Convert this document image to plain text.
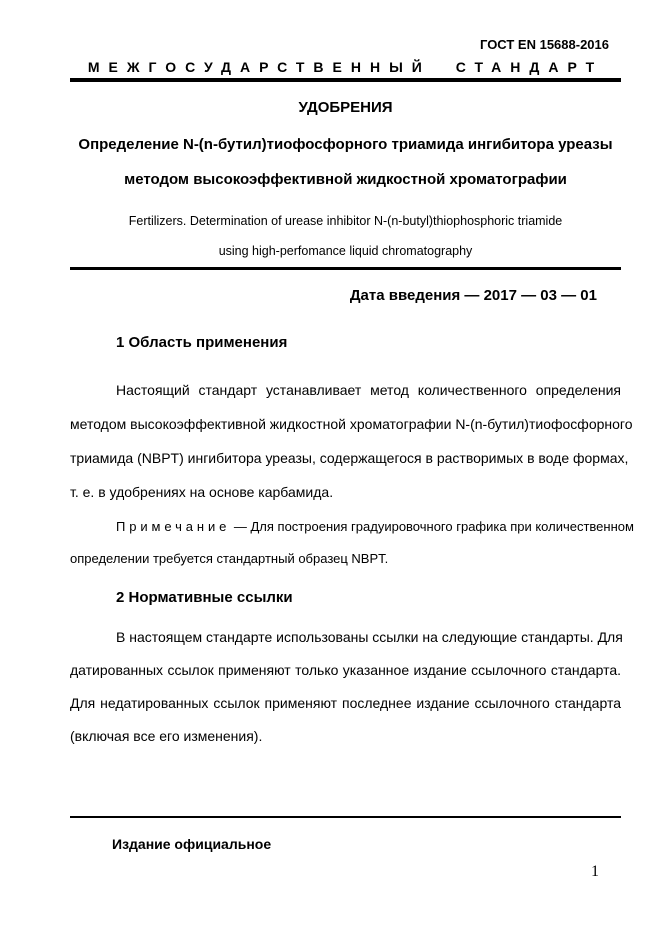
ГОСТ EN 15688-2016
МЕЖГОСУДАРСТВЕННЫЙ СТАНДАРТ
УДОБРЕНИЯ
Определение N-(n-бутил)тиофосфорного триамида ингибитора уреазы
методом высокоэффективной жидкостной хроматографии
Fertilizers. Determination of urease inhibitor N-(n-butyl)thiophosphoric triamide
using high-perfomance liquid chromatography
Дата введения — 2017 — 03 — 01
1 Область применения
Настоящий стандарт устанавливает метод количественного определения
методом высокоэффективной жидкостной хроматографии N-(n-бутил)тиофосфорного
триамида (NBPT) ингибитора уреазы, содержащегося в растворимых в воде формах,
т. е. в удобрениях на основе карбамида.
Примечание — Для построения градуировочного графика при количественном
определении требуется стандартный образец NBPT.
2 Нормативные ссылки
В настоящем стандарте использованы ссылки на следующие стандарты. Для
датированных ссылок применяют только указанное издание ссылочного стандарта.
Для недатированных ссылок применяют последнее издание ссылочного стандарта
(включая все его изменения).
Издание официальное
1
